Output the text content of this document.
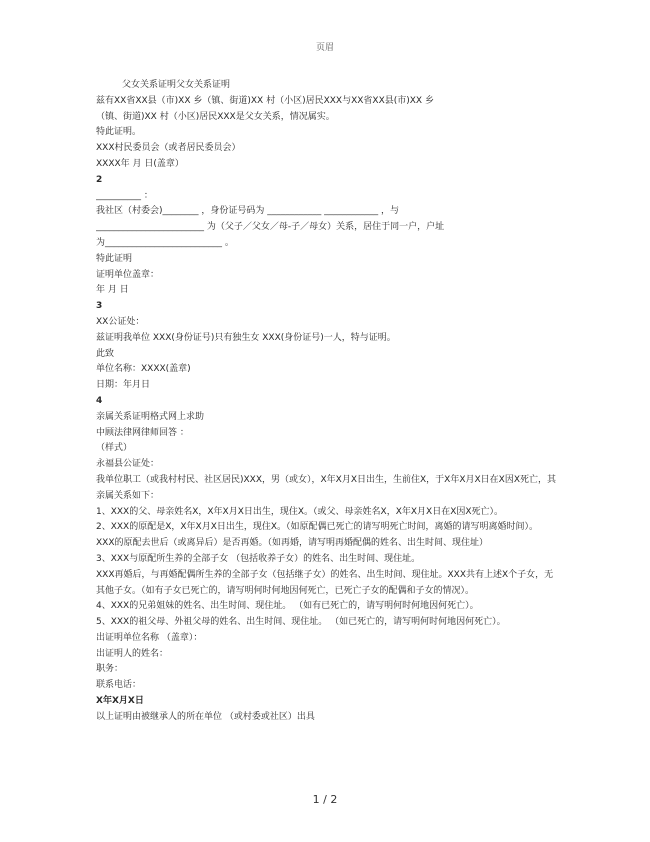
页眉
父女关系证明父女关系证明
兹有XX省XX县（市)XX 乡（镇、街道)XX 村（小区)居民XXX与XX省XX县(市)XX 乡
（镇、街道)XX 村（小区)居民XXX是父女关系，情况属实。
特此证明。
XXX村民委员会（或者居民委员会）
XXXX年 月 日(盖章）
2
__________ ：
我社区（村委会)________ ，身份证号码为 ____________ ____________ ，与
________________________ 为（父子／父女／母-子／母女）关系，居住于同一户，户址
为__________________________ 。
特此证明
证明单位盖章：
年 月 日
3
XX公证处：
兹证明我单位 XXX(身份证号)只有独生女 XXX(身份证号)一人，特与证明。
此致
单位名称：XXXX(盖章)
日期：年月日
4
亲属关系证明格式网上求助
中顾法律网律师回答 ：
（样式）
永福县公证处：
我单位职工（或我村村民、社区居民)XXX，男（或女），X年X月X日出生，生前住X，于X年X月X日在X因X死亡，其亲属关系如下：
1、XXX的父、母亲姓名X，X年X月X日出生，现住X。（或父、母亲姓名X，X年X月X日在X因X死亡）。
2、XXX的原配是X，X年X月X日出生，现住X。（如原配偶已死亡的请写明死亡时间，离婚的请写明离婚时间）。
XXX的原配去世后（或离异后）是否再婚。（如再婚，请写明再婚配偶的姓名、出生时间、现住址）
3、XXX与原配所生养的全部子女 （包括收养子女）的姓名、出生时间、现住址。
XXX再婚后，与再婚配偶所生养的全部子女（包括继子女）的姓名、出生时间、现住址。XXX共有上述X个子女，无其他子女。（如有子女已死亡的，请写明何时何地因何死亡，已死亡子女的配偶和子女的情况）。
4、XXX的兄弟姐妹的姓名、出生时间、现住址。 （如有已死亡的，请写明何时何地因何死亡）。
5、XXX的祖父母、外祖父母的姓名、出生时间、现住址。 （如已死亡的，请写明何时何地因何死亡）。
出证明单位名称 （盖章）：
出证明人的姓名：
职务：
联系电话：
X年X月X日
以上证明由被继承人的所在单位 （或村委或社区）出具
1 / 2
